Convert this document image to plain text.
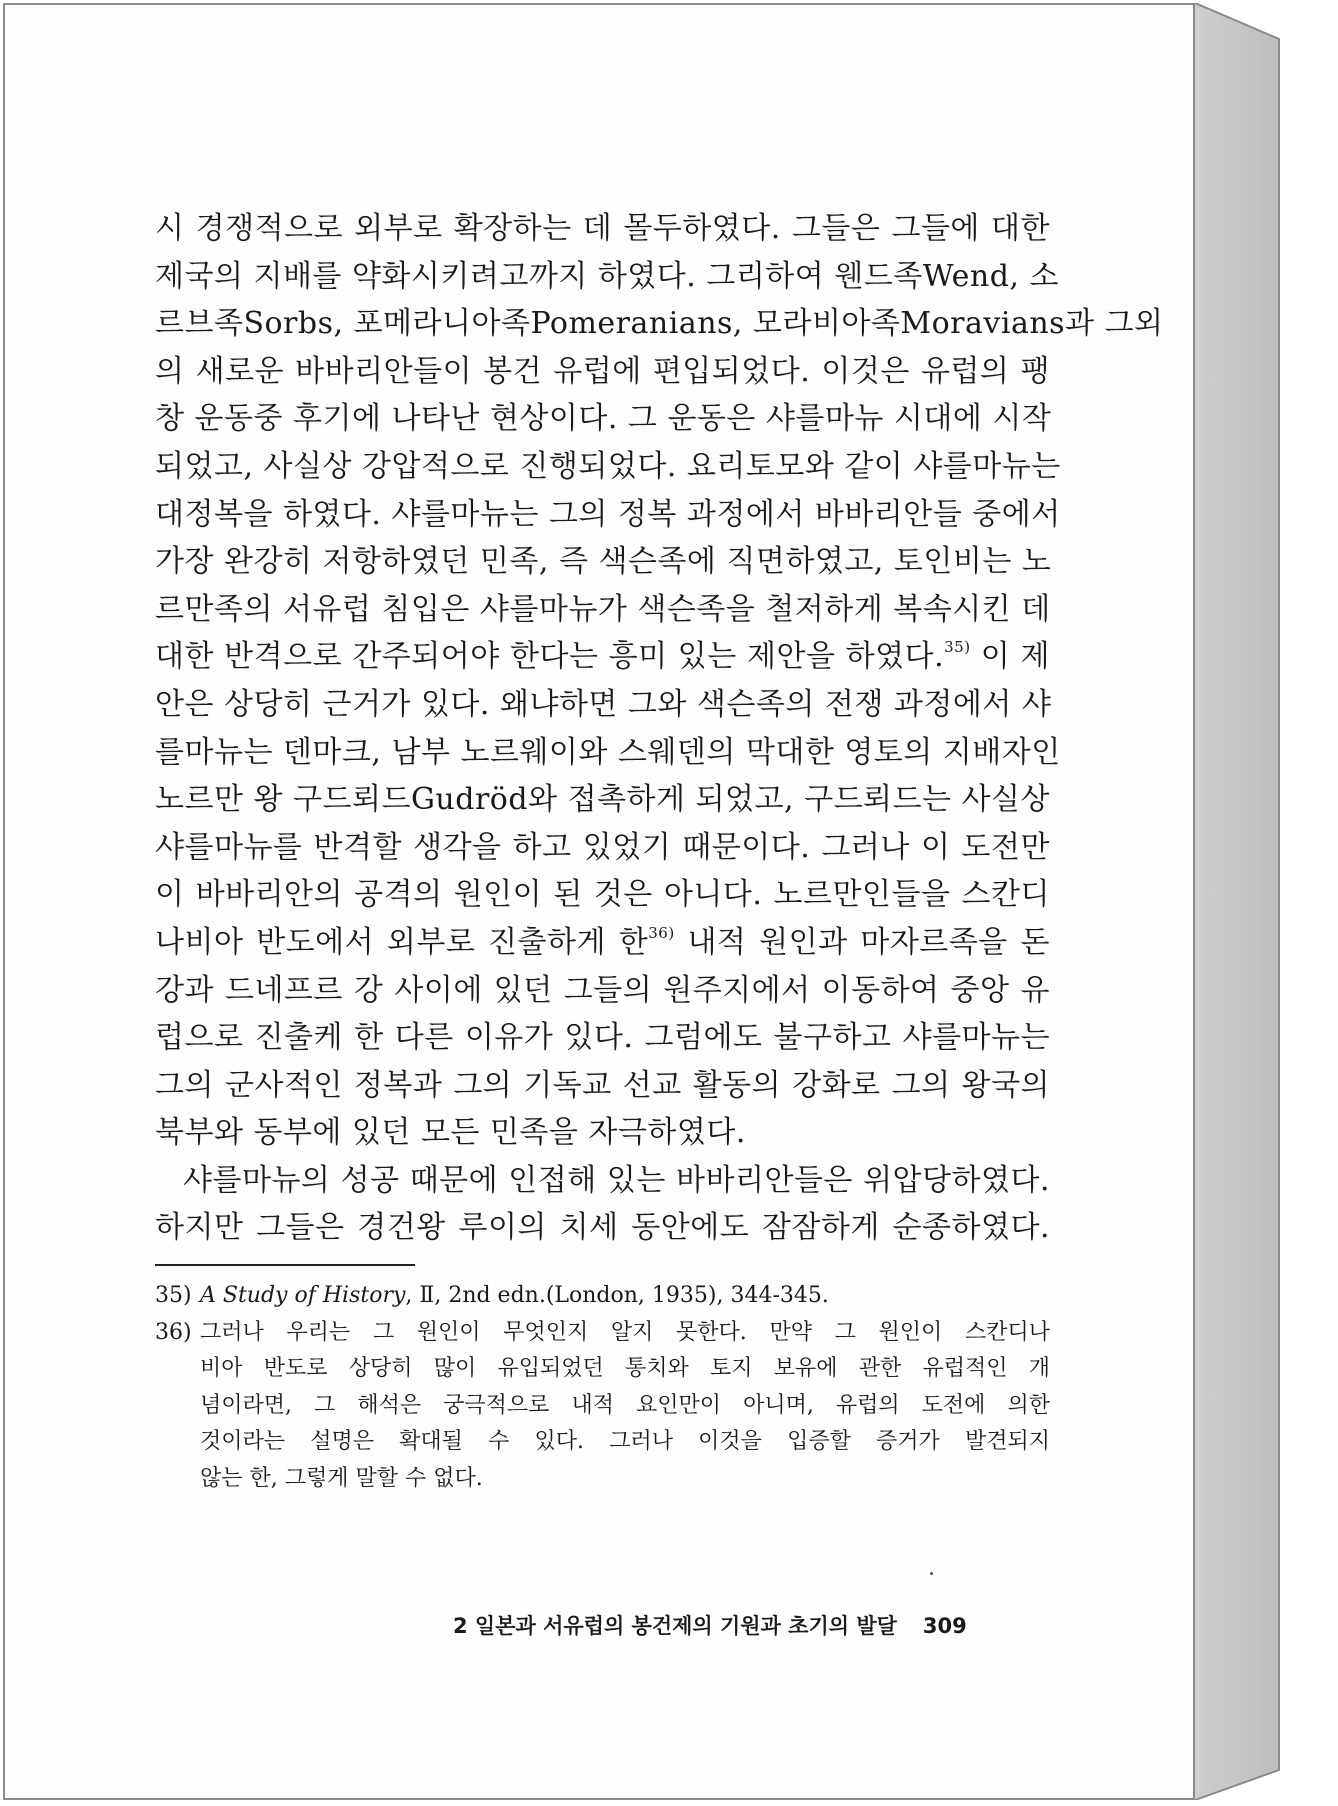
시 경쟁적으로 외부로 확장하는 데 몰두하였다. 그들은 그들에 대한
제국의 지배를 약화시키려고까지 하였다. 그리하여 웬드족Wend, 소
르브족Sorbs, 포메라니아족Pomeranians, 모라비아족Moravians과 그외
의 새로운 바바리안들이 봉건 유럽에 편입되었다. 이것은 유럽의 팽
창 운동중 후기에 나타난 현상이다. 그 운동은 샤를마뉴 시대에 시작
되었고, 사실상 강압적으로 진행되었다. 요리토모와 같이 샤를마뉴는
대정복을 하였다. 샤를마뉴는 그의 정복 과정에서 바바리안들 중에서
가장 완강히 저항하였던 민족, 즉 색슨족에 직면하였고, 토인비는 노
르만족의 서유럽 침입은 샤를마뉴가 색슨족을 철저하게 복속시킨 데
대한 반격으로 간주되어야 한다는 흥미 있는 제안을 하였다.$^{35)}$ 이 제
안은 상당히 근거가 있다. 왜냐하면 그와 색슨족의 전쟁 과정에서 샤
를마뉴는 덴마크, 남부 노르웨이와 스웨덴의 막대한 영토의 지배자인
노르만 왕 구드뢰드Gudröd와 접촉하게 되었고, 구드뢰드는 사실상
샤를마뉴를 반격할 생각을 하고 있었기 때문이다. 그러나 이 도전만
이 바바리안의 공격의 원인이 된 것은 아니다. 노르만인들을 스칸디
나비아 반도에서 외부로 진출하게 한$^{36)}$ 내적 원인과 마자르족을 돈
강과 드네프르 강 사이에 있던 그들의 원주지에서 이동하여 중앙 유
럽으로 진출케 한 다른 이유가 있다. 그럼에도 불구하고 샤를마뉴는
그의 군사적인 정복과 그의 기독교 선교 활동의 강화로 그의 왕국의
북부와 동부에 있던 모든 민족을 자극하였다.
샤를마뉴의 성공 때문에 인접해 있는 바바리안들은 위압당하였다.
하지만 그들은 경건왕 루이의 치세 동안에도 잠잠하게 순종하였다.
35) A Study of History, Ⅱ, 2nd edn.(London, 1935), 344-345.
36) 그러나 우리는 그 원인이 무엇인지 알지 못한다. 만약 그 원인이 스칸디나
비아 반도로 상당히 많이 유입되었던 통치와 토지 보유에 관한 유럽적인 개
념이라면, 그 해석은 궁극적으로 내적 요인만이 아니며, 유럽의 도전에 의한
것이라는 설명은 확대될 수 있다. 그러나 이것을 입증할 증거가 발견되지
않는 한, 그렇게 말할 수 없다.
2 일본과 서유럽의 봉건제의 기원과 초기의 발달 309
